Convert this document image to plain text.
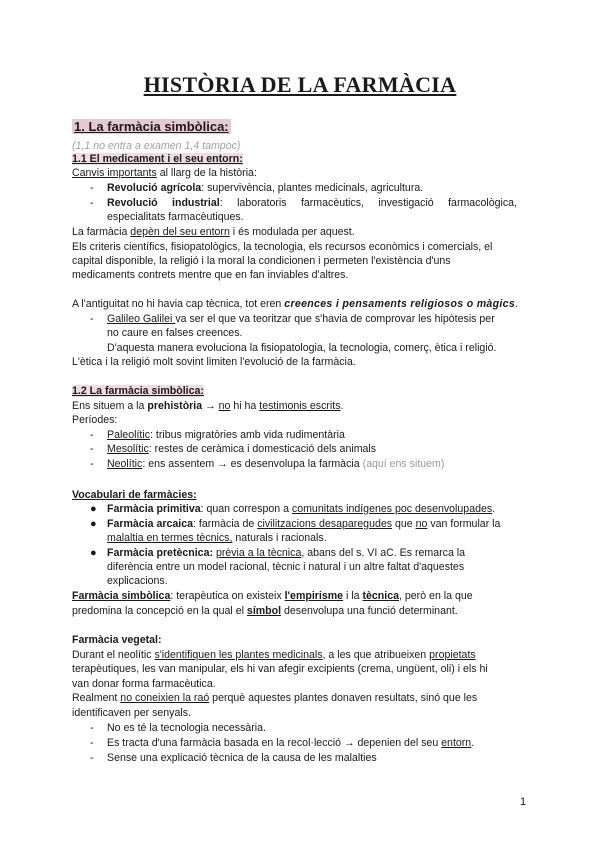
HISTÒRIA DE LA FARMÀCIA
1. La farmàcia simbòlica:
(1,1 no entra a examen 1,4 tampoc)
1.1 El medicament i el seu entorn:
Canvis importants al llarg de la història:
- Revolució agrícola: supervivència, plantes medicinals, agricultura.
- Revolució industrial: laboratoris farmacèutics, investigació farmacològica,
especialitats farmacèutiques.
La farmàcia depèn del seu entorn i és modulada per aquest.
Els criteris científics, fisiopatològics, la tecnologia, els recursos econòmics i comercials, el
capital disponible, la religió i la moral la condicionen i permeten l'existència d'uns
medicaments contrets mentre que en fan inviables d'altres.
A l'antiguitat no hi havia cap tècnica, tot eren creences i pensaments religiosos o màgics.
- Galileo Galilei va ser el que va teoritzar que s'havia de comprovar les hipòtesis per
no caure en falses creences.
D'aquesta manera evoluciona la fisiopatologia, la tecnologia, comerç, ètica i religió.
L'ètica i la religió molt sovint limiten l'evolució de la farmàcia.
1.2 La farmàcia simbòlica:
Ens situem a la prehistòria → no hi ha testimonis escrits.
Períodes:
- Paleolític: tribus migratòries amb vida rudimentària
- Mesolític: restes de ceràmica i domesticació dels animals
- Neolític: ens assentem → es desenvolupa la farmàcia (aquí ens situem)
Vocabulari de farmàcies:
● Farmàcia primitiva: quan correspon a comunitats indígenes poc desenvolupades.
● Farmàcia arcaica: farmàcia de civilitzacions desaparegudes que no van formular la
malaltia en termes tècnics, naturals i racionals.
● Farmàcia pretècnica: prèvia a la tècnica, abans del s. VI aC. Es remarca la
diferència entre un model racional, tècnic i natural i un altre faltat d'aquestes
explicacions.
Farmàcia simbòlica: terapèutica on existeix l'empirisme i la tècnica, però en la que
predomina la concepció en la qual el símbol desenvolupa una funció determinant.
Farmàcia vegetal:
Durant el neolític s'identifiquen les plantes medicinals, a les que atribueixen propietats
terapèutiques, les van manipular, els hi van afegir excipients (crema, ungüent, oli) i els hi
van donar forma farmacèutica.
Realment no coneixien la raó perquè aquestes plantes donaven resultats, sinó que les
identificaven per senyals.
- No es té la tecnologia necessària.
- Es tracta d'una farmàcia basada en la recol·lecció → depenien del seu entorn.
- Sense una explicació tècnica de la causa de les malalties
1
